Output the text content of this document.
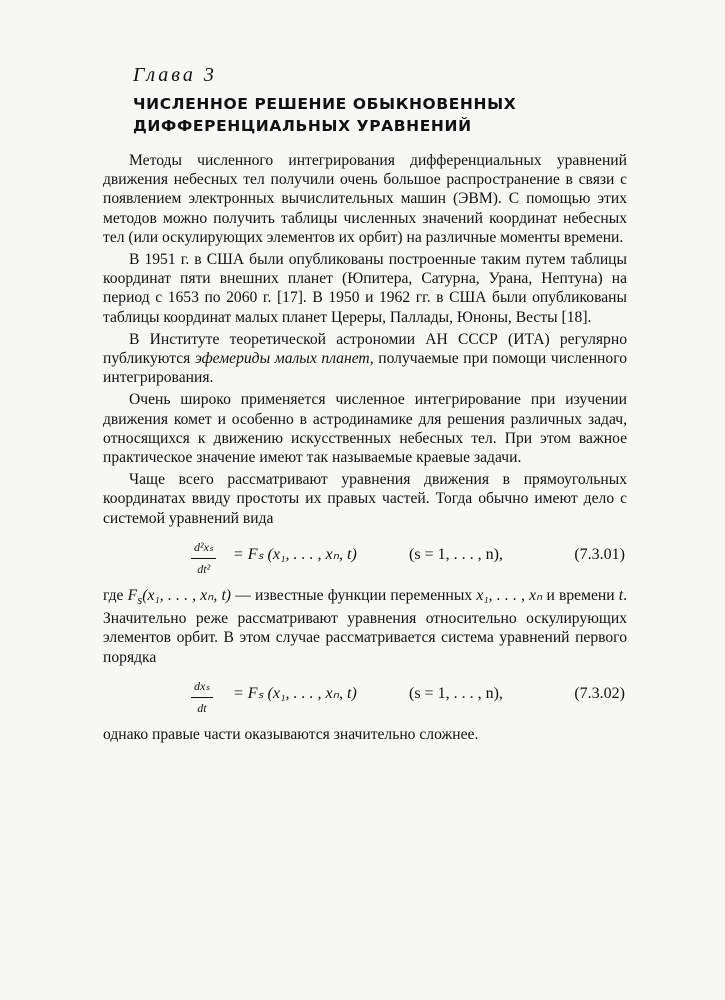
Глава 3
ЧИСЛЕННОЕ РЕШЕНИЕ ОБЫКНОВЕННЫХ
ДИФФЕРЕНЦИАЛЬНЫХ УРАВНЕНИЙ

Методы численного интегрирования дифференциальных уравнений движения небесных тел получили очень большое распространение в связи с появлением электронных вычислительных машин (ЭВМ). С помощью этих методов можно получить таблицы численных значений координат небесных тел (или оскулирующих элементов их орбит) на различные моменты времени.

В 1951 г. в США были опубликованы построенные таким путем таблицы координат пяти внешних планет (Юпитера, Сатурна, Урана, Нептуна) на период с 1653 по 2060 г. [17]. В 1950 и 1962 гг. в США были опубликованы таблицы координат малых планет Цереры, Паллады, Юноны, Весты [18].

В Институте теоретической астрономии АН СССР (ИТА) регулярно публикуются эфемериды малых планет, получаемые при помощи численного интегрирования.

Очень широко применяется численное интегрирование при изучении движения комет и особенно в астродинамике для решения различных задач, относящихся к движению искусственных небесных тел. При этом важное практическое значение имеют так называемые краевые задачи.

Чаще всего рассматривают уравнения движения в прямоугольных координатах ввиду простоты их правых частей. Тогда обычно имеют дело с системой уравнений вида

$\frac{\text{d²xₛ}}{\text{dt²}} = F_s$ (x₁, . . . , xₙ, t)	(s = 1, . . . , n),	(7.3.01)

где $F_s(x_1$, . . . , xₙ, t) — известные функции переменных x₁, . . . , xₙ и времени t. Значительно реже рассматривают уравнения относительно оскулирующих элементов орбит. В этом случае рассматривается система уравнений первого порядка

dxₛ
dt
= Fₛ (x₁, . . . , xₙ, t)	(s = 1, . . . , n),	(7.3.02)

однако правые части оказываются значительно сложнее.
